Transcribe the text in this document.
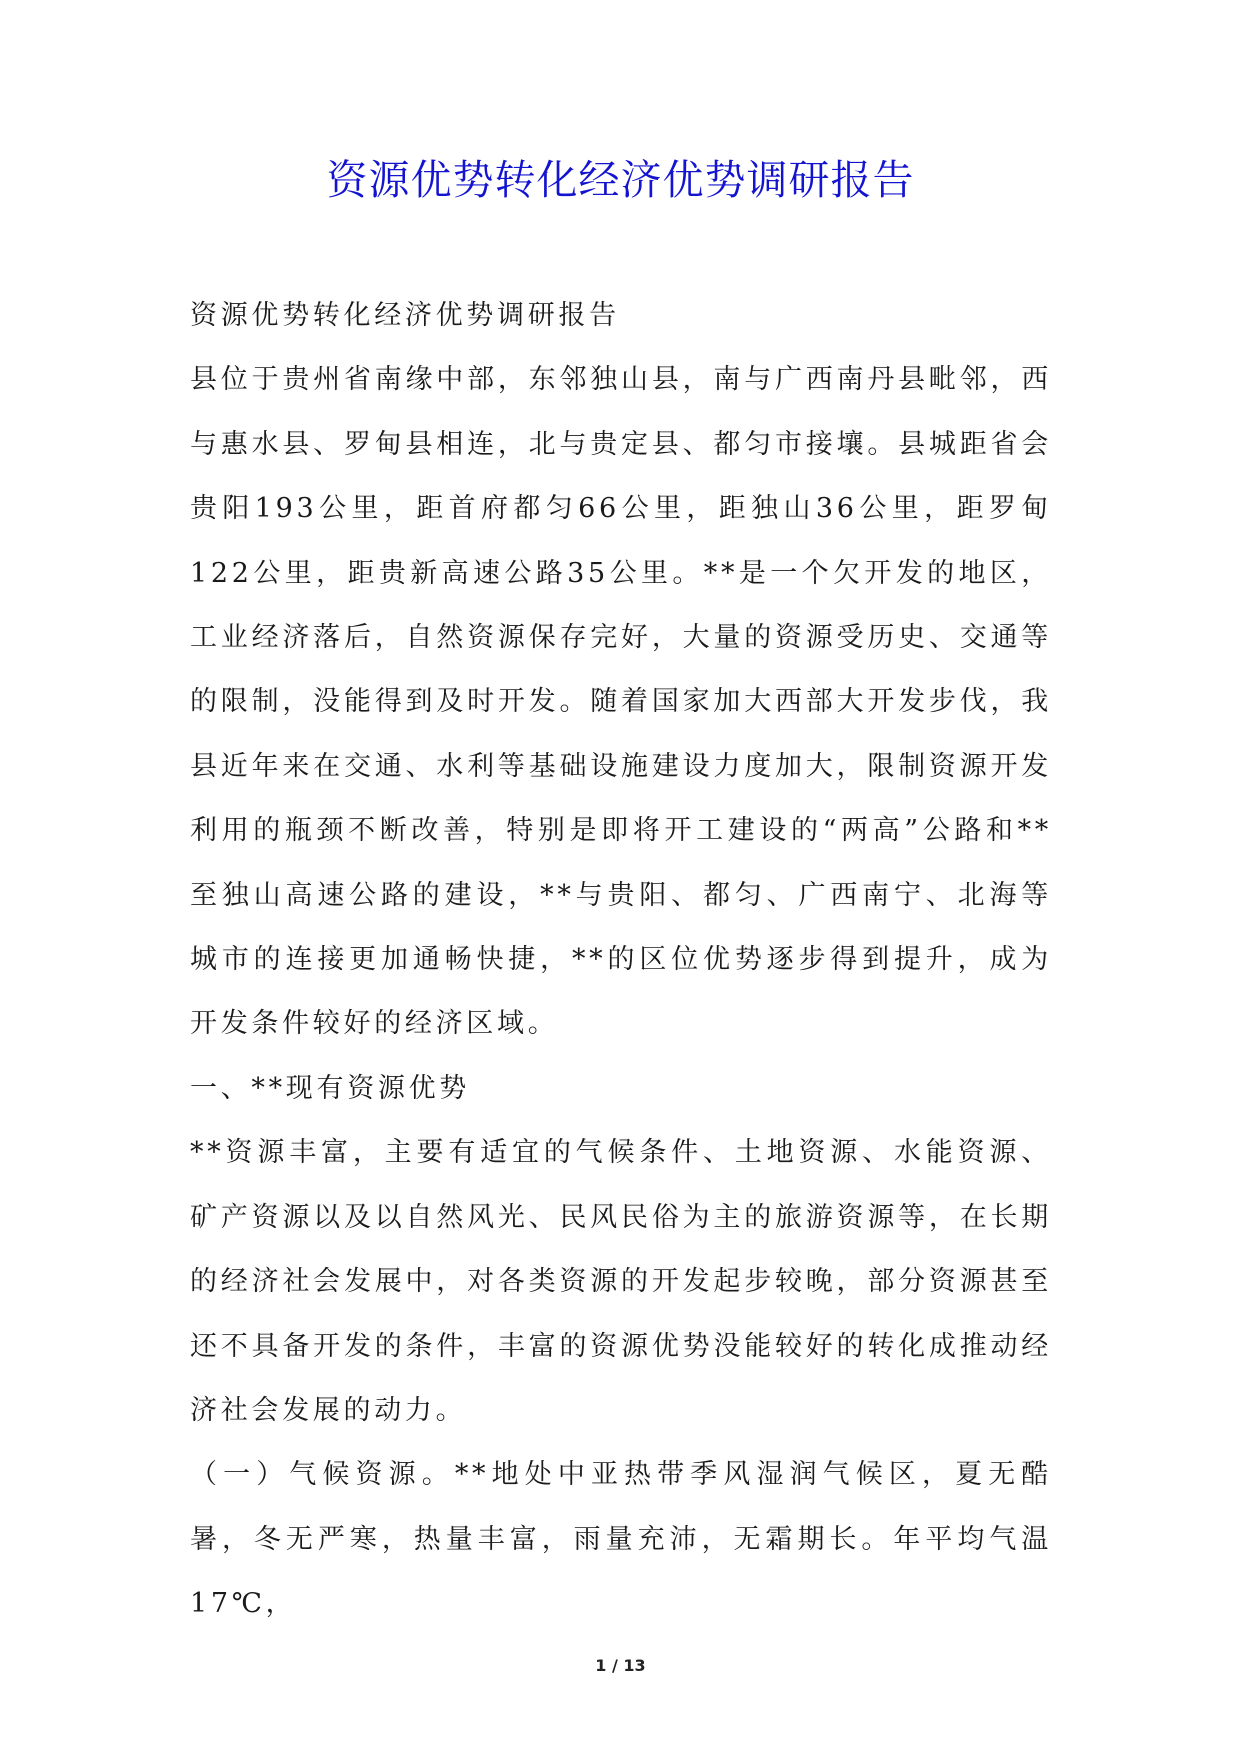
资源优势转化经济优势调研报告

资源优势转化经济优势调研报告

县位于贵州省南缘中部，东邻独山县，南与广西南丹县毗邻，西与惠水县、罗甸县相连，北与贵定县、都匀市接壤。县城距省会贵阳193公里，距首府都匀66公里，距独山36公里，距罗甸122公里，距贵新高速公路35公里。**是一个欠开发的地区，工业经济落后，自然资源保存完好，大量的资源受历史、交通等的限制，没能得到及时开发。随着国家加大西部大开发步伐，我县近年来在交通、水利等基础设施建设力度加大，限制资源开发利用的瓶颈不断改善，特别是即将开工建设的“两高”公路和**至独山高速公路的建设，**与贵阳、都匀、广西南宁、北海等城市的连接更加通畅快捷，**的区位优势逐步得到提升，成为开发条件较好的经济区域。

一、**现有资源优势

**资源丰富，主要有适宜的气候条件、土地资源、水能资源、矿产资源以及以自然风光、民风民俗为主的旅游资源等，在长期的经济社会发展中，对各类资源的开发起步较晚，部分资源甚至还不具备开发的条件，丰富的资源优势没能较好的转化成推动经济社会发展的动力。

（一）气候资源。**地处中亚热带季风湿润气候区，夏无酷暑，冬无严寒，热量丰富，雨量充沛，无霜期长。年平均气温17℃，

1 / 13
